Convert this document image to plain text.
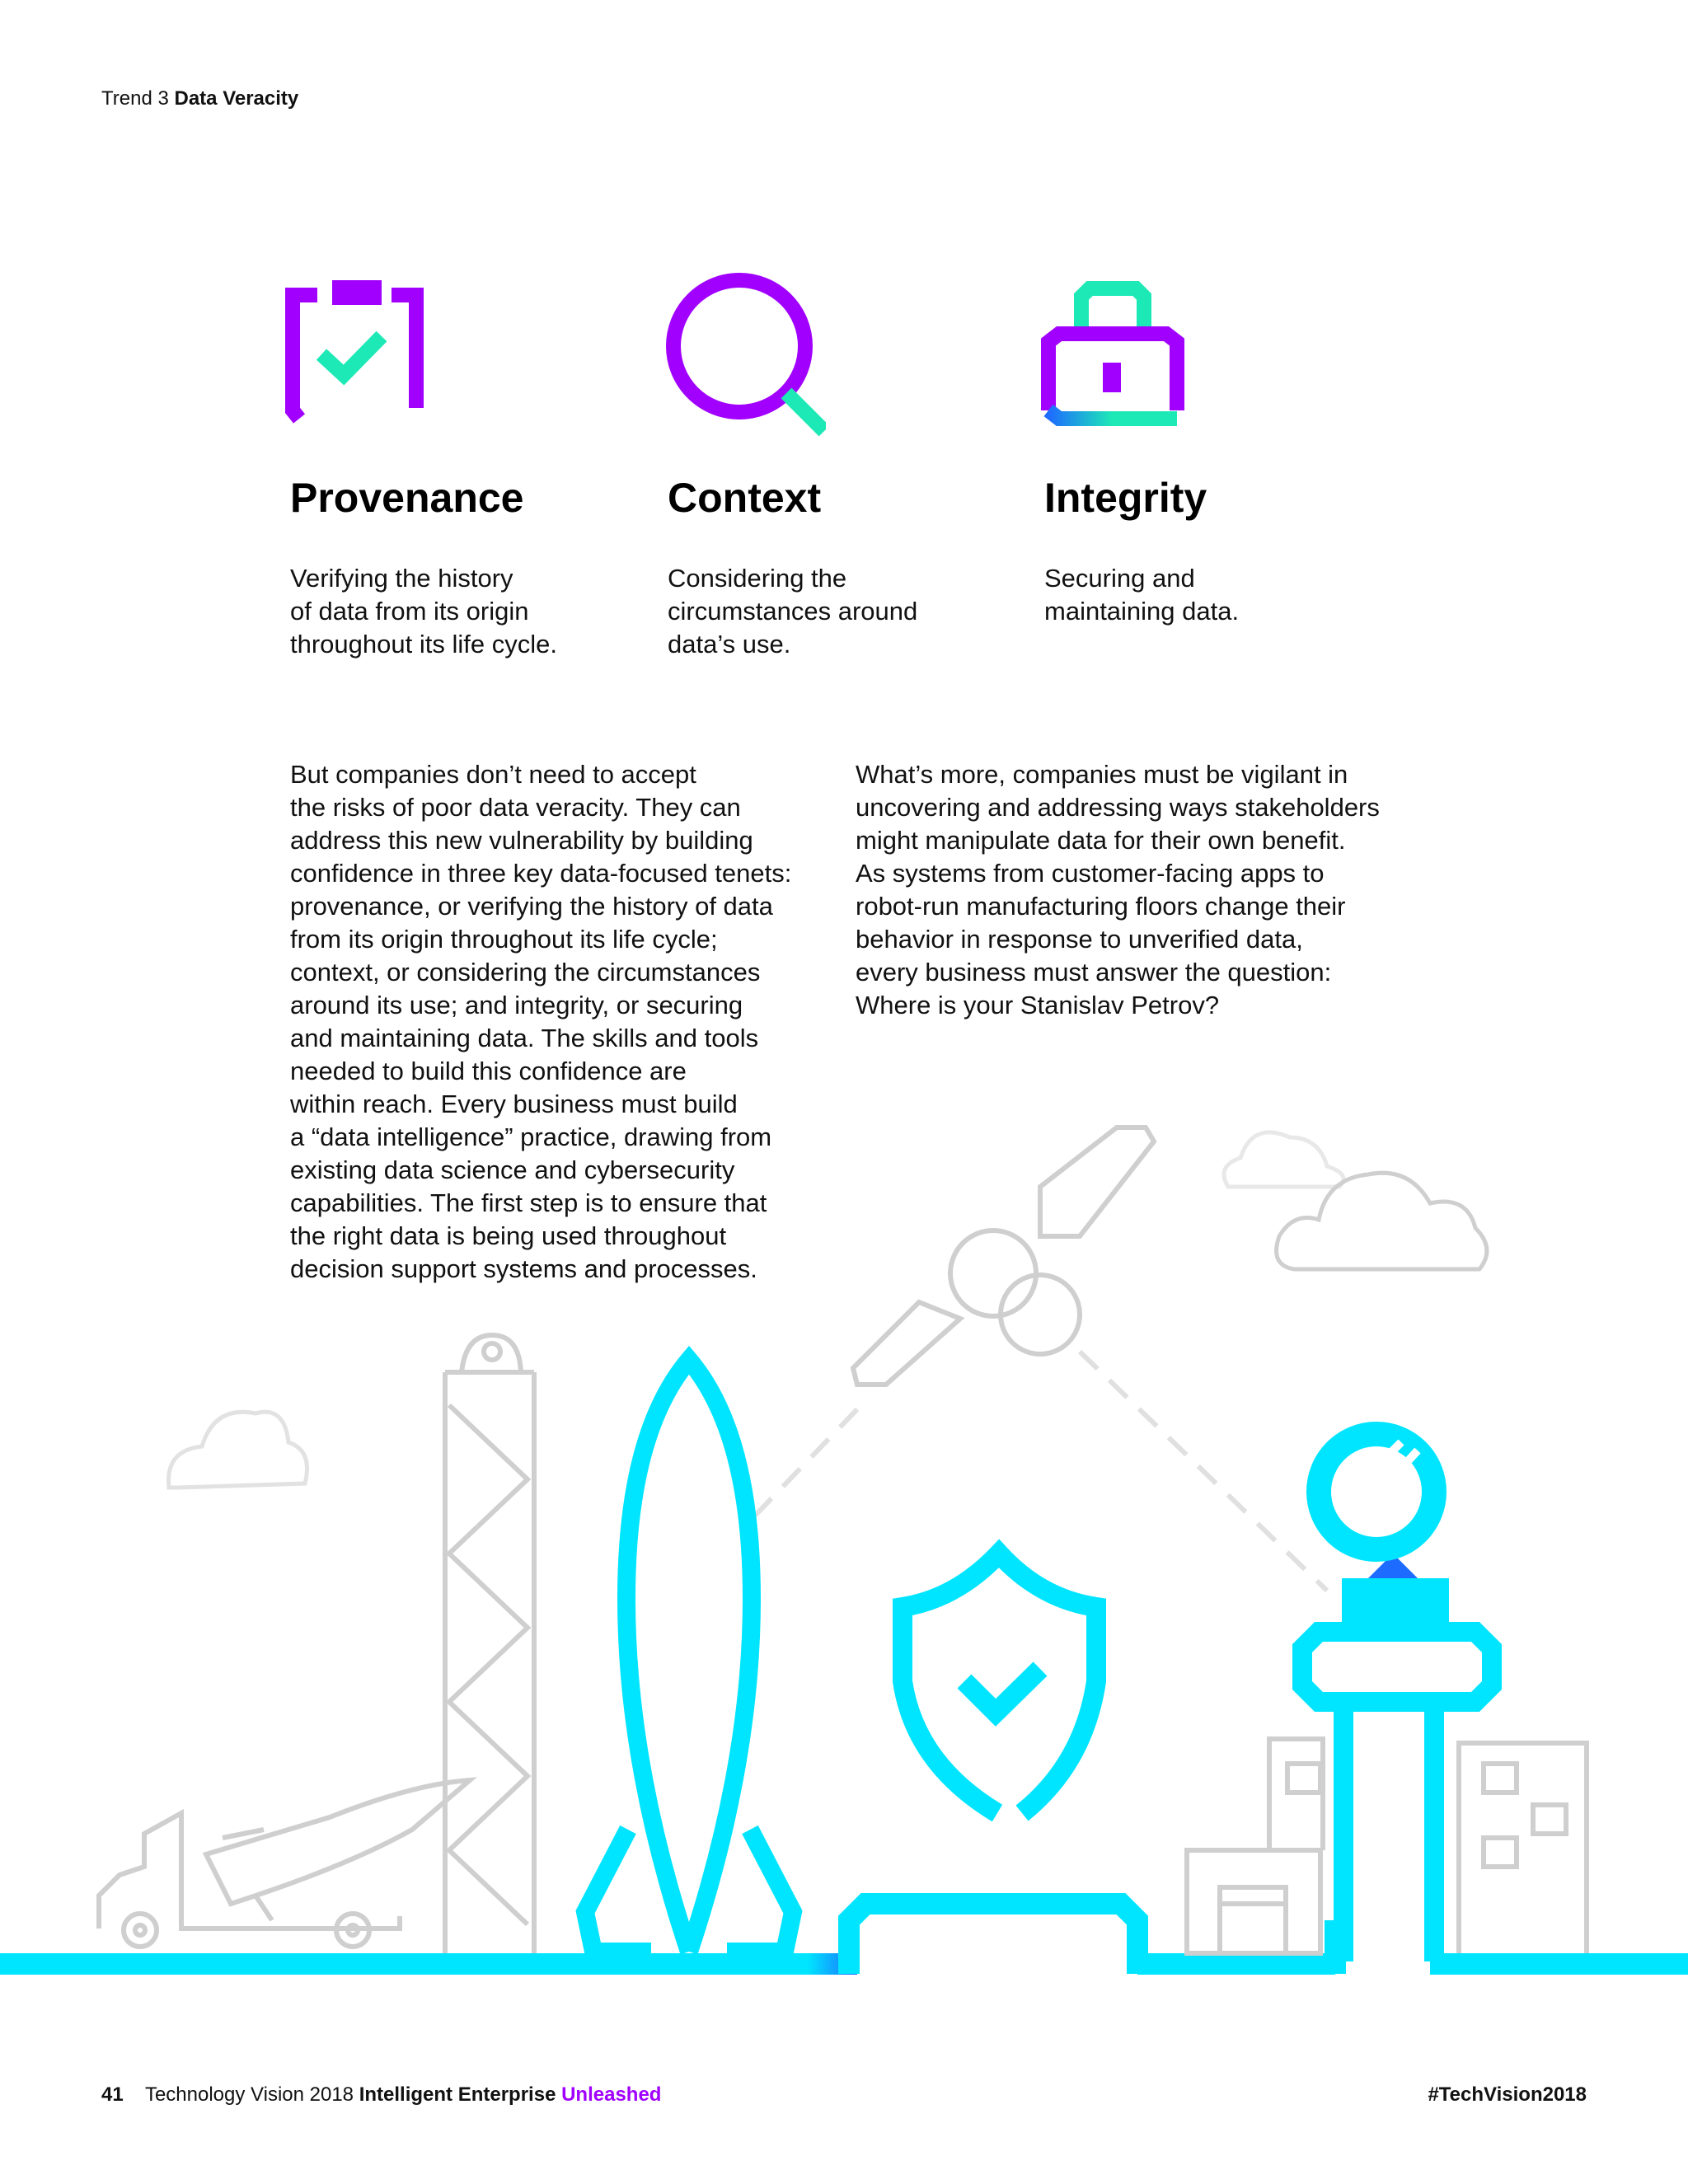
Trend 3 Data Veracity
Provenance	Context	Integrity

Verifying the history
of data from its origin
throughout its life cycle.

Considering the
circumstances around
data’s use.

Securing and
maintaining data.

But companies don’t need to accept
the risks of poor data veracity. They can
address this new vulnerability by building
confidence in three key data-focused tenets:
provenance, or verifying the history of data
from its origin throughout its life cycle;
context, or considering the circumstances
around its use; and integrity, or securing
and maintaining data. The skills and tools
needed to build this confidence are
within reach. Every business must build
a “data intelligence” practice, drawing from
existing data science and cybersecurity
capabilities. The first step is to ensure that
the right data is being used throughout
decision support systems and processes.
What’s more, companies must be vigilant in
uncovering and addressing ways stakeholders
might manipulate data for their own benefit.
As systems from customer-facing apps to
robot-run manufacturing floors change their
behavior in response to unverified data,
every business must answer the question:
Where is your Stanislav Petrov?
41 Technology Vision 2018 Intelligent Enterprise Unleashed	#TechVision2018
